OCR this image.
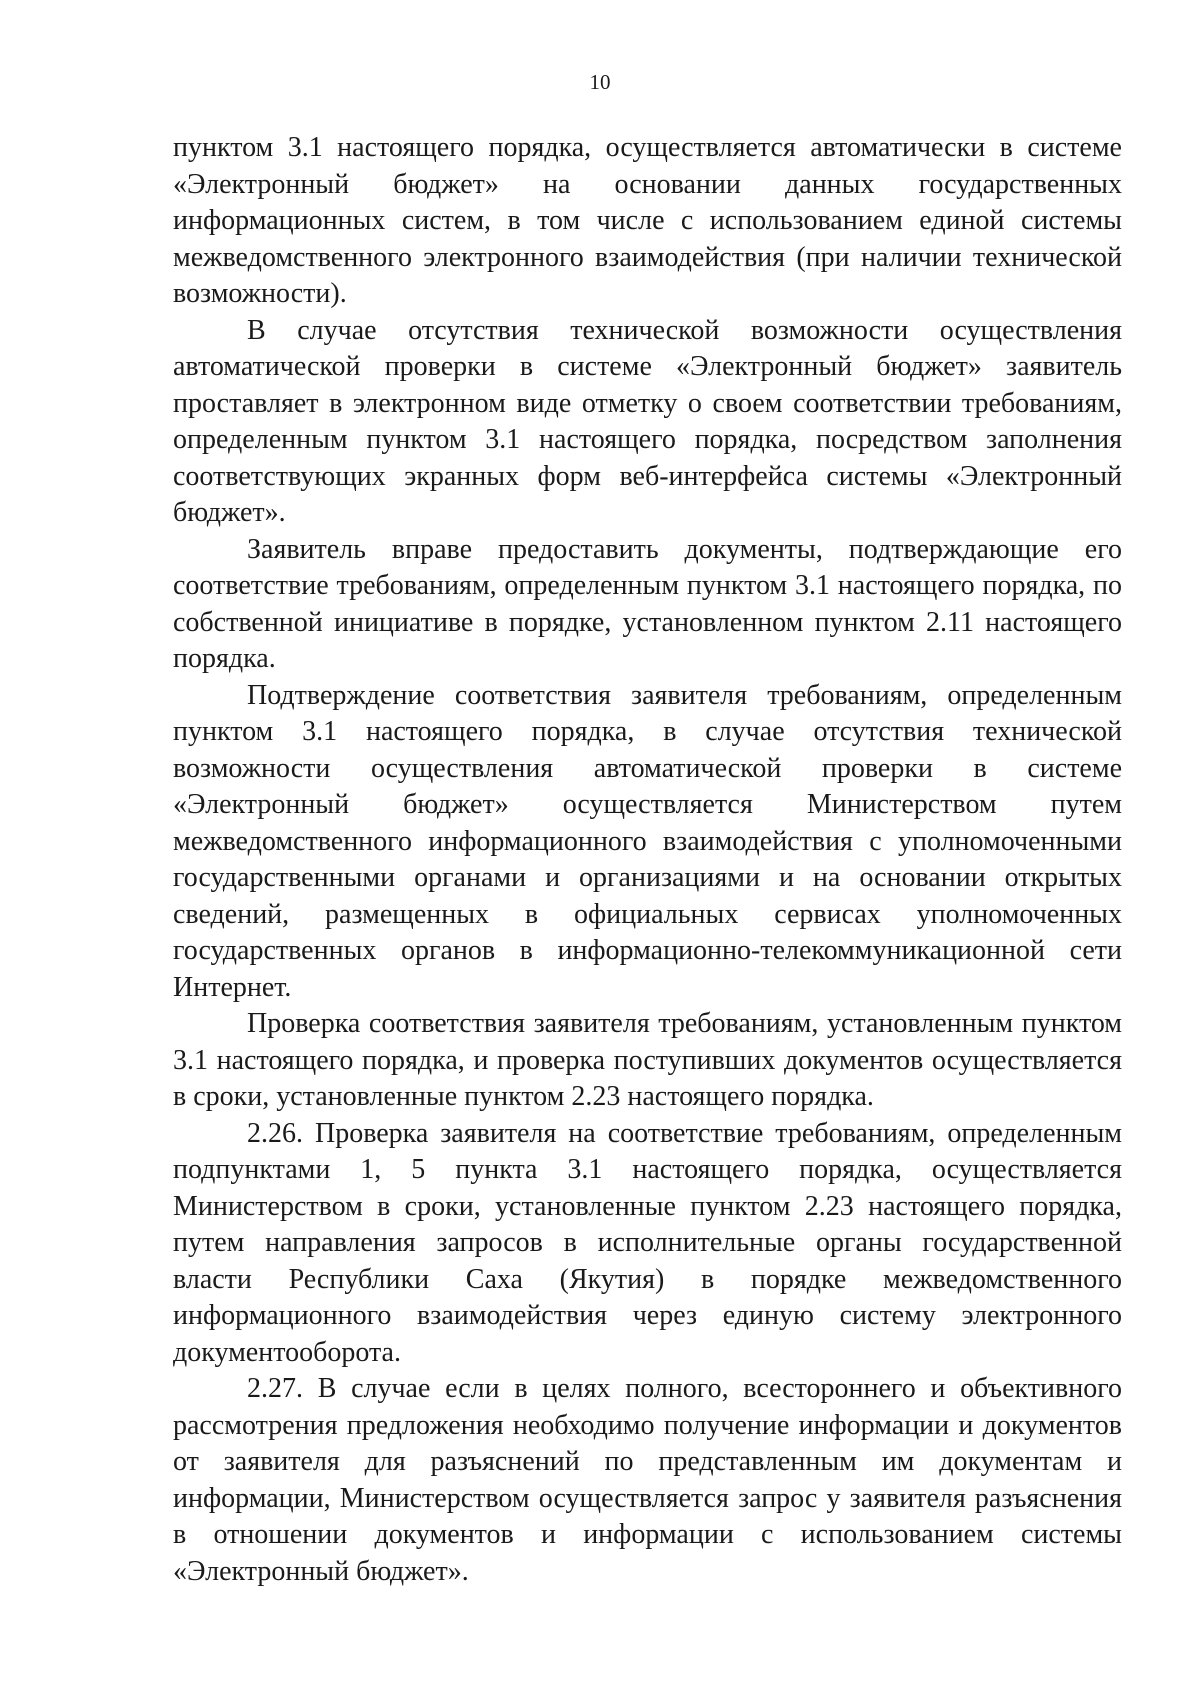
10

пунктом 3.1 настоящего порядка, осуществляется автоматически в системе «Электронный бюджет» на основании данных государственных информационных систем, в том числе с использованием единой системы межведомственного электронного взаимодействия (при наличии технической возможности).

В случае отсутствия технической возможности осуществления автоматической проверки в системе «Электронный бюджет» заявитель проставляет в электронном виде отметку о своем соответствии требованиям, определенным пунктом 3.1 настоящего порядка, посредством заполнения соответствующих экранных форм веб-интерфейса системы «Электронный бюджет».

Заявитель вправе предоставить документы, подтверждающие его соответствие требованиям, определенным пунктом 3.1 настоящего порядка, по собственной инициативе в порядке, установленном пунктом 2.11 настоящего порядка.

Подтверждение соответствия заявителя требованиям, определенным пунктом 3.1 настоящего порядка, в случае отсутствия технической возможности осуществления автоматической проверки в системе «Электронный бюджет» осуществляется Министерством путем межведомственного информационного взаимодействия с уполномоченными государственными органами и организациями и на основании открытых сведений, размещенных в официальных сервисах уполномоченных государственных органов в информационно-телекоммуникационной сети Интернет.

Проверка соответствия заявителя требованиям, установленным пунктом 3.1 настоящего порядка, и проверка поступивших документов осуществляется в сроки, установленные пунктом 2.23 настоящего порядка.

2.26. Проверка заявителя на соответствие требованиям, определенным подпунктами 1, 5 пункта 3.1 настоящего порядка, осуществляется Министерством в сроки, установленные пунктом 2.23 настоящего порядка, путем направления запросов в исполнительные органы государственной власти Республики Саха (Якутия) в порядке межведомственного информационного взаимодействия через единую систему электронного документооборота.

2.27. В случае если в целях полного, всестороннего и объективного рассмотрения предложения необходимо получение информации и документов от заявителя для разъяснений по представленным им документам и информации, Министерством осуществляется запрос у заявителя разъяснения в отношении документов и информации с использованием системы «Электронный бюджет».
